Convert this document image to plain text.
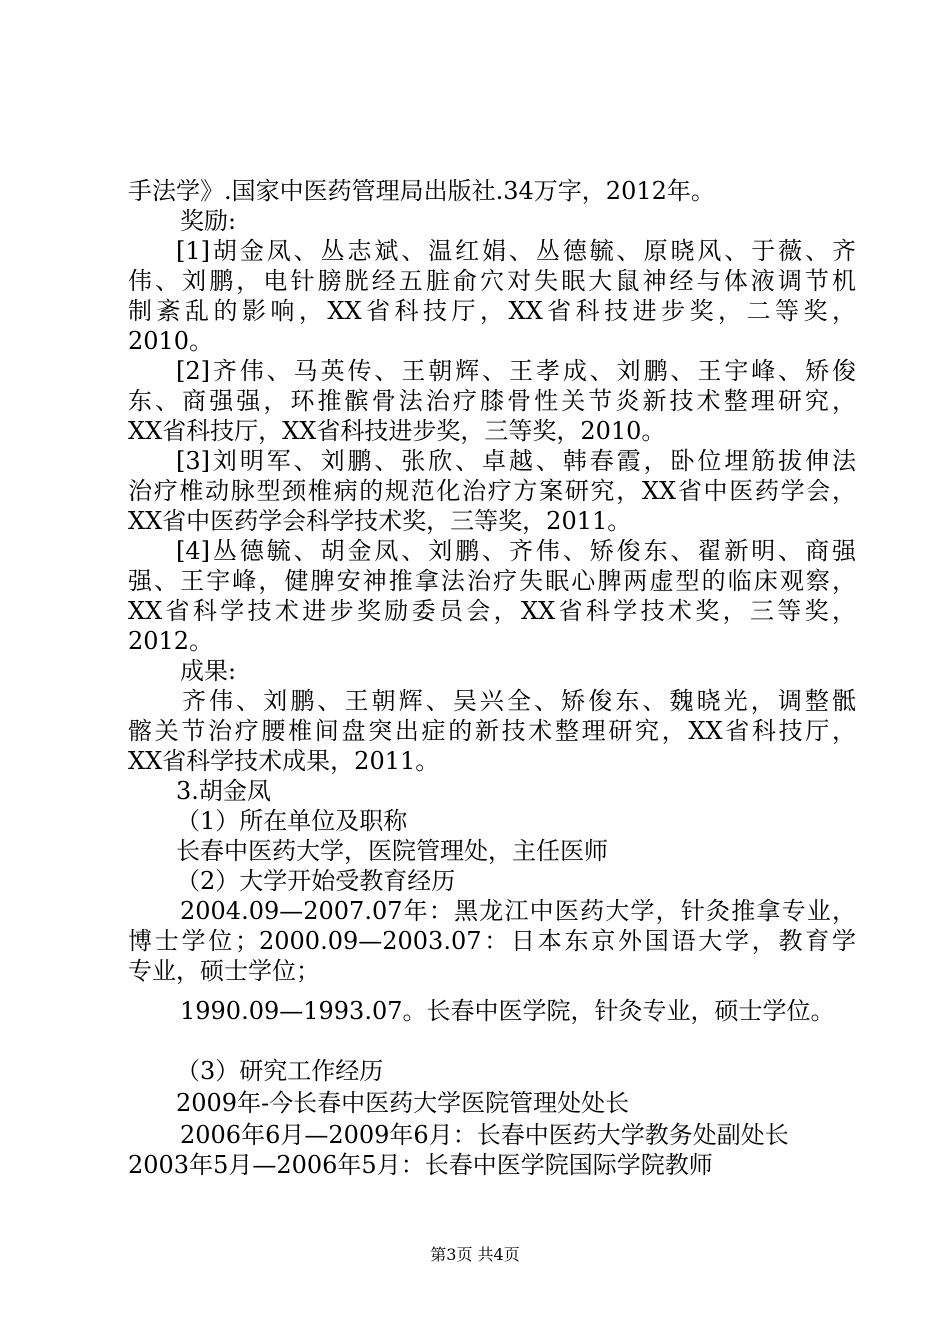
手法学》.国家中医药管理局出版社.34万字，2012年。

奖励:

[1]胡金凤、丛志斌、温红娟、丛德毓、原晓风、于薇、齐

伟、刘鹏，电针膀胱经五脏俞穴对失眠大鼠神经与体液调节机

制紊乱的影响，XX省科技厅，XX省科技进步奖，二等奖，

2010。

[2]齐伟、马英传、王朝辉、王孝成、刘鹏、王宇峰、矫俊

东、商强强，环推髌骨法治疗膝骨性关节炎新技术整理研究，

XX省科技厅，XX省科技进步奖，三等奖，2010。

[3]刘明军、刘鹏、张欣、卓越、韩春霞，卧位埋筋拔伸法

治疗椎动脉型颈椎病的规范化治疗方案研究，XX省中医药学会，

XX省中医药学会科学技术奖，三等奖，2011。

[4]丛德毓、胡金凤、刘鹏、齐伟、矫俊东、翟新明、商强

强、王宇峰，健脾安神推拿法治疗失眠心脾两虚型的临床观察，

XX省科学技术进步奖励委员会，XX省科学技术奖，三等奖，

2012。

成果:

齐伟、刘鹏、王朝辉、吴兴全、矫俊东、魏晓光，调整骶

髂关节治疗腰椎间盘突出症的新技术整理研究，XX省科技厅，

XX省科学技术成果，2011。

3.胡金凤

（1）所在单位及职称

长春中医药大学，医院管理处，主任医师

（2）大学开始受教育经历

2004.09—2007.07年：黑龙江中医药大学，针灸推拿专业，

博士学位；2000.09—2003.07：日本东京外国语大学，教育学

专业，硕士学位；

1990.09—1993.07。长春中医学院，针灸专业，硕士学位。

（3）研究工作经历

2009年-今长春中医药大学医院管理处处长

2006年6月—2009年6月：长春中医药大学教务处副处长

2003年5月—2006年5月：长春中医学院国际学院教师

第3页 共4页
